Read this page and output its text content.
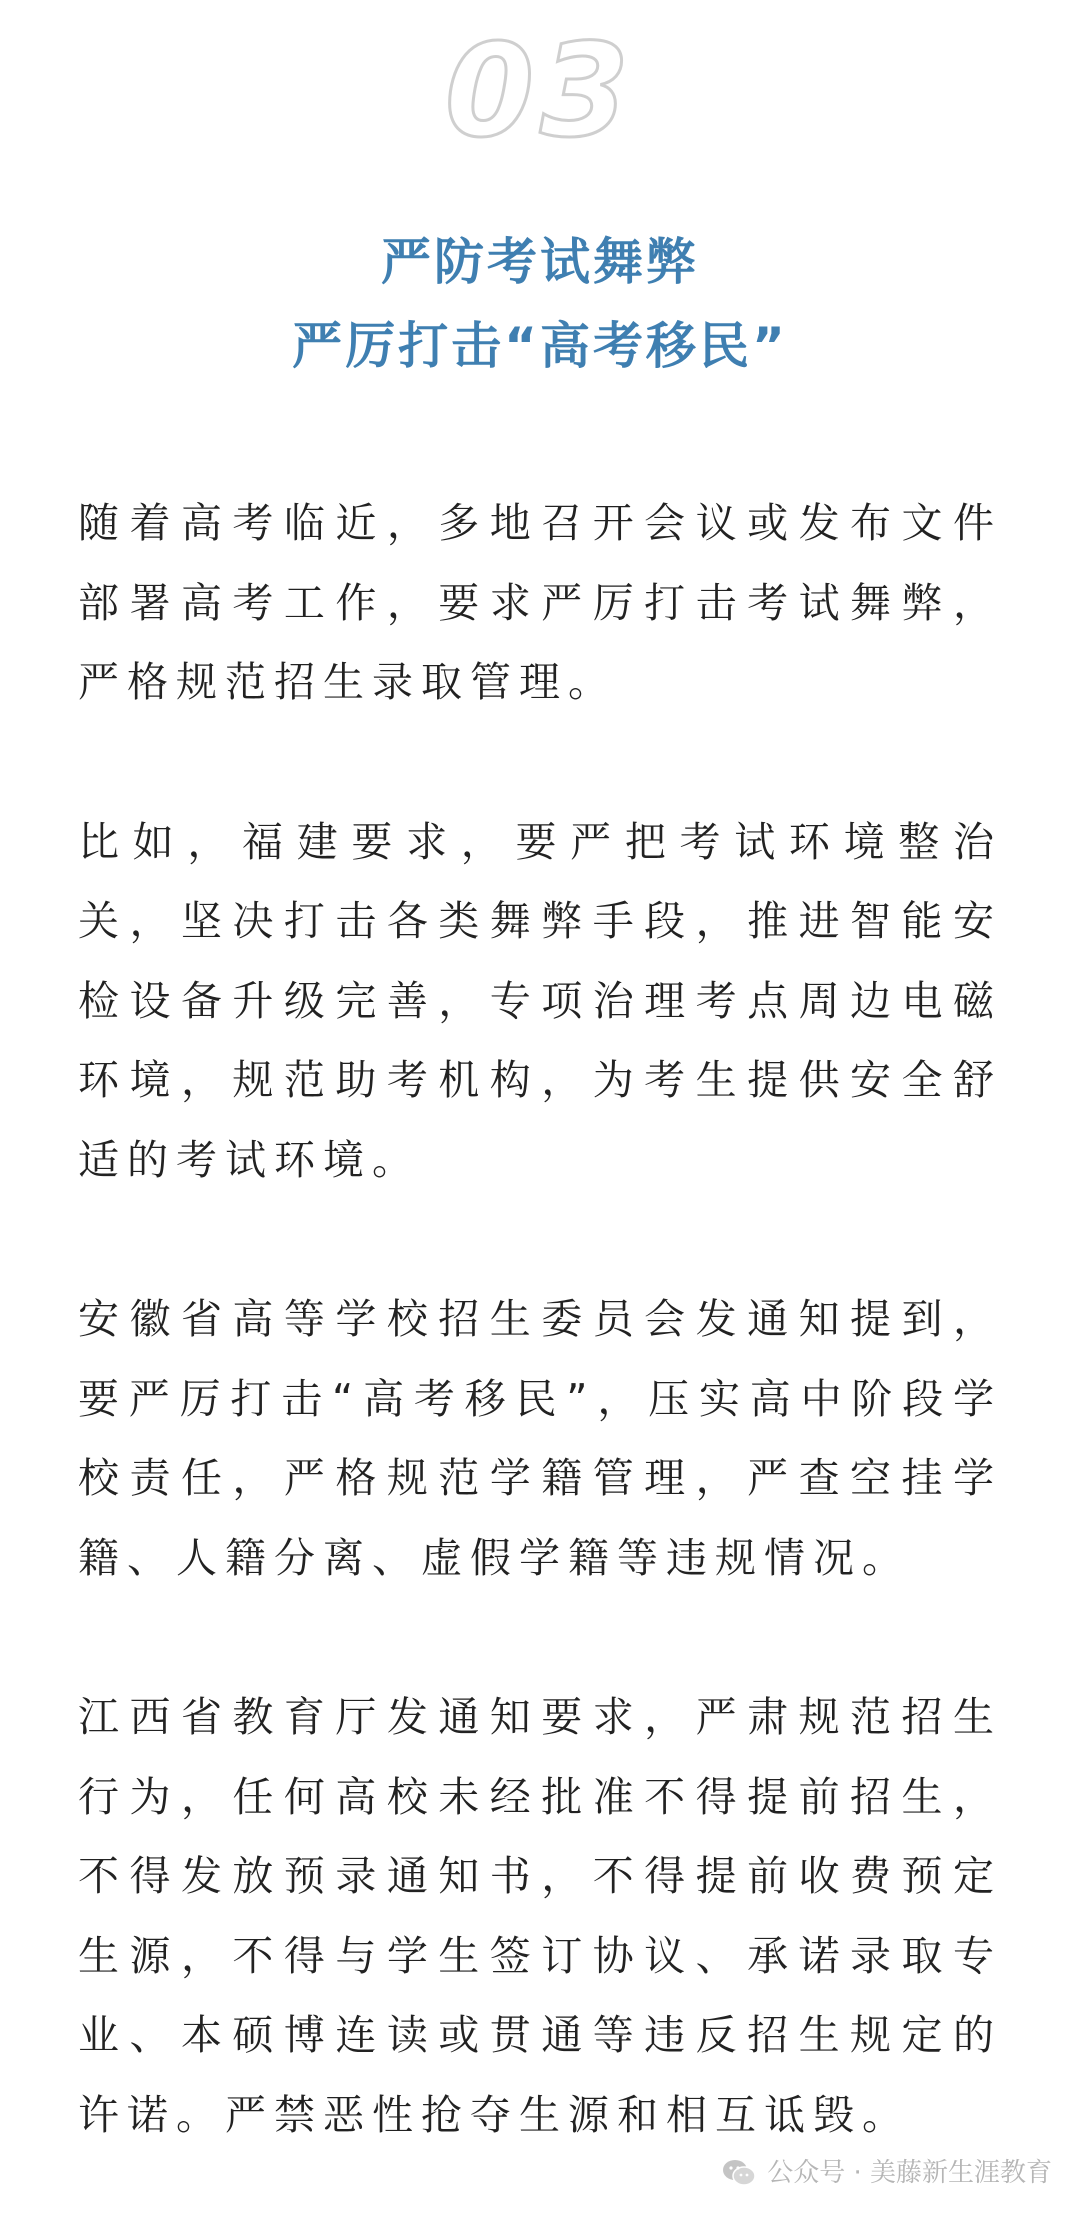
03
严防考试舞弊
严厉打击“高考移民”

随着高考临近，多地召开会议或发布文件部署高考工作，要求严厉打击考试舞弊，严格规范招生录取管理。

比如，福建要求，要严把考试环境整治关，坚决打击各类舞弊手段，推进智能安检设备升级完善，专项治理考点周边电磁环境，规范助考机构，为考生提供安全舒适的考试环境。

安徽省高等学校招生委员会发通知提到，要严厉打击“高考移民”，压实高中阶段学校责任，严格规范学籍管理，严查空挂学籍、人籍分离、虚假学籍等违规情况。

江西省教育厅发通知要求，严肃规范招生行为，任何高校未经批准不得提前招生，不得发放预录通知书，不得提前收费预定生源，不得与学生签订协议、承诺录取专业、本硕博连读或贯通等违反招生规定的许诺。严禁恶性抢夺生源和相互诋毁。

公众号 · 美藤新生涯教育
